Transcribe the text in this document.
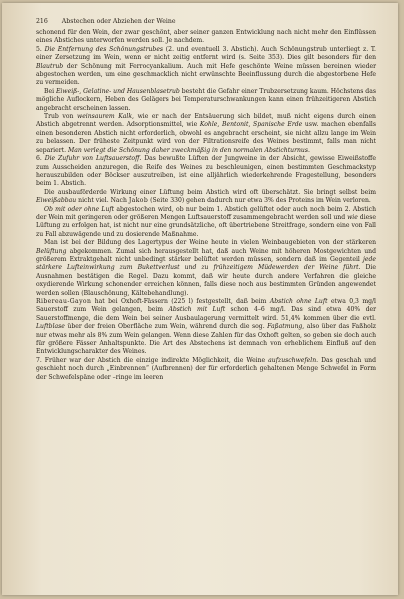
216 Abstechen oder Abziehen der Weine

schonend für den Wein, der zwar geschönt, aber seiner ganzen Entwicklung nach nicht mehr den Einflüssen eines Abstiches unterworfen werden soll. Je nachdem.

5. Die Entfernung des Schönungstrubes (2. und eventuell 3. Abstich). Auch Schönungstrub unterliegt z. T. einer Zersetzung im Wein, wenn er nicht zeitig entfernt wird (s. Seite 353). Dies gilt besonders für den Blautrub der Schönung mit Ferrocyankalium. Auch mit Hefe geschönte Weine müssen bereinen wieder abgestochen werden, um eine geschmacklich nicht erwünschte Beeinflussung durch die abgestorbene Hefe zu vermeiden.

Bei Eiweiß-, Gelatine- und Hausenblasetrub besteht die Gefahr einer Trubzersetzung kaum. Höchstens das mögliche Auflockern, Heben des Gelägers bei Temperaturschwankungen kann einen frühzeitigeren Abstich angebracht erscheinen lassen.

Trub von weinsaurem Kalk, wie er nach der Entsäuerung sich bildet, muß nicht eigens durch einen Abstich abgetrennt werden. Adsorptionsmittel, wie Kohle, Bentonit, Spanische Erde usw. machen ebenfalls einen besonderen Abstich nicht erforderlich, obwohl es angebracht erscheint, sie nicht allzu lange im Wein zu belassen. Der früheste Zeitpunkt wird von der Filtrationsreife des Weines bestimmt, falls man nicht separiert. Man verlegt die Schönung daher zweckmäßig in den normalen Abstichturnus.

6. Die Zufuhr von Luftsauerstoff. Das bewußte Lüften der Jungweine in der Absicht, gewisse Eiweißstoffe zum Ausscheiden anzuregen, die Reife des Weines zu beschleunigen, einen bestimmten Geschmackstyp herauszubilden oder Böckser auszutreiben, ist eine alljährlich wiederkehrende Fragestellung, besonders beim 1. Abstich.

Die ausbauförderde Wirkung einer Lüftung beim Abstich wird oft überschätzt. Sie bringt selbst beim Eiweißabbau nicht viel. Nach Jakob (Seite 330) gehen dadurch nur etwa 3% des Proteins im Wein verloren.

Ob mit oder ohne Luft abgestochen wird, ob nur beim 1. Abstich gelüftet oder auch noch beim 2. Abstich der Wein mit geringeren oder größeren Mengen Luftsauerstoff zusammengebracht werden soll und wie diese Lüftung zu erfolgen hat, ist nicht nur eine grundsätzliche, oft übertriebene Streitfrage, sondern eine von Fall zu Fall abzuwägende und zu dosierende Maßnahme.

Man ist bei der Bildung des Lagertypus der Weine heute in vielen Weinbaugebieten von der stärkeren Belüftung abgekommen. Zumal sich herausgestellt hat, daß auch Weine mit höheren Mostgewichten und größerem Extraktgehalt nicht unbedingt stärker belüftet werden müssen, sondern daß im Gegenteil jede stärkere Lufteinwirkung zum Bukettverlust und zu frühzeitigem Müdewerden der Weine führt. Die Ausnahmen bestätigen die Regel. Dazu kommt, daß wir heute durch andere Verfahren die gleiche oxydierende Wirkung schonender erreichen können, falls diese noch aus bestimmten Gründen angewendet werden sollen (Blauschönung, Kältebehandlung).

Ribereau-Gayon hat bei Oxhoft-Fässern (225 l) festgestellt, daß beim Abstich ohne Luft etwa 0,3 mg/l Sauerstoff zum Wein gelangen, beim Abstich mit Luft schon 4–6 mg/l. Das sind etwa 40% der Sauerstoffmenge, die dem Wein bei seiner Ausbaulagerung vermittelt wird. 51,4% kommen über die evtl. Luftblase über der freien Oberfläche zum Wein, während durch die sog. Faßatmung, also über das Faßholz nur etwas mehr als 8% zum Wein gelangen. Wenn diese Zahlen für das Oxhoft gelten, so geben sie doch auch für größere Fässer Anhaltspunkte. Die Art des Abstechens ist demnach von erheblichem Einfluß auf den Entwicklungscharakter des Weines.

7. Früher war der Abstich die einzige indirekte Möglichkeit, die Weine aufzuschwefeln. Das geschah und geschieht noch durch „Einbrennen“ (Aufbrennen) der für erforderlich gehaltenen Menge Schwefel in Form der Schwefelspäne oder –ringe im leeren
